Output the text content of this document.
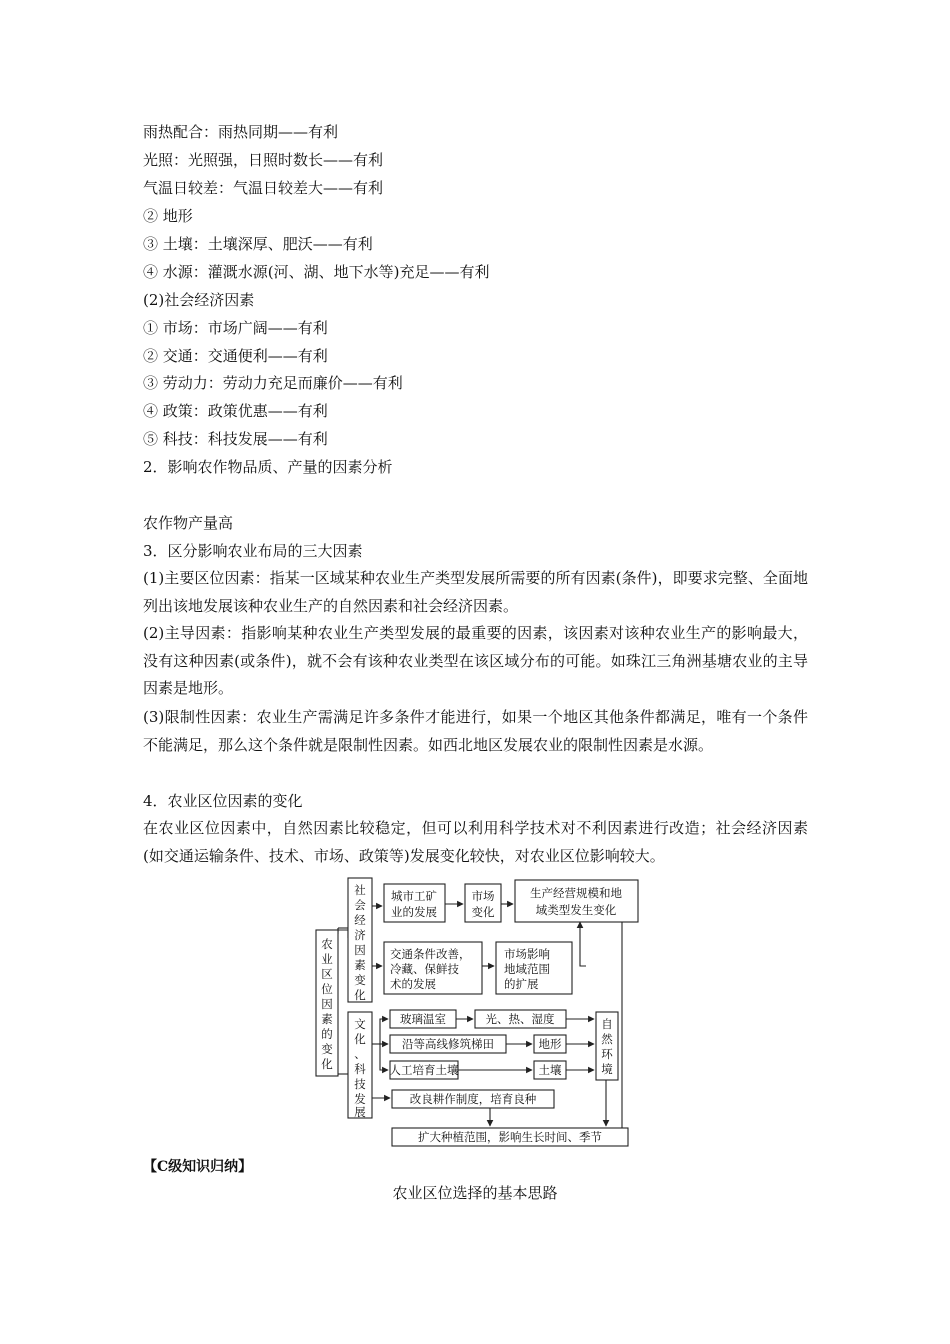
雨热配合：雨热同期——有利
光照：光照强，日照时数长——有利
气温日较差：气温日较差大——有利
② 地形
③ 土壤：土壤深厚、肥沃——有利
④ 水源：灌溉水源(河、湖、地下水等)充足——有利
(2)社会经济因素
① 市场：市场广阔——有利
② 交通：交通便利——有利
③ 劳动力：劳动力充足而廉价——有利
④ 政策：政策优惠——有利
⑤ 科技：科技发展——有利
2．影响农作物品质、产量的因素分析
农作物产量高
3．区分影响农业布局的三大因素
(1)主要区位因素：指某一区域某种农业生产类型发展所需要的所有因素(条件)，即要求完整、全面地列出该地发展该种农业生产的自然因素和社会经济因素。
(2)主导因素：指影响某种农业生产类型发展的最重要的因素，该因素对该种农业生产的影响最大，没有这种因素(或条件)，就不会有该种农业类型在该区域分布的可能。如珠江三角洲基塘农业的主导因素是地形。
(3)限制性因素：农业生产需满足许多条件才能进行，如果一个地区其他条件都满足，唯有一个条件不能满足，那么这个条件就是限制性因素。如西北地区发展农业的限制性因素是水源。
4．农业区位因素的变化
在农业区位因素中，自然因素比较稳定，但可以利用科学技术对不利因素进行改造；社会经济因素(如交通运输条件、技术、市场、政策等)发展变化较快，对农业区位影响较大。
农
业
区
位
因
素
的
变
化
社
会
经
济
因
素
变
化
城市工矿
业的发展
市场
变化
生产经营规模和地
域类型发生变化
交通条件改善，
冷藏、保鲜技
术的发展
市场影响
地域范围
的扩展
文
化
、
科
技
发
展
玻璃温室	光、热、湿度
沿等高线修筑梯田	地形
人工培育土壤	土壤
自
然
环
境
改良耕作制度，培育良种
扩大种植范围，影响生长时间、季节
【C级知识归纳】
农业区位选择的基本思路
